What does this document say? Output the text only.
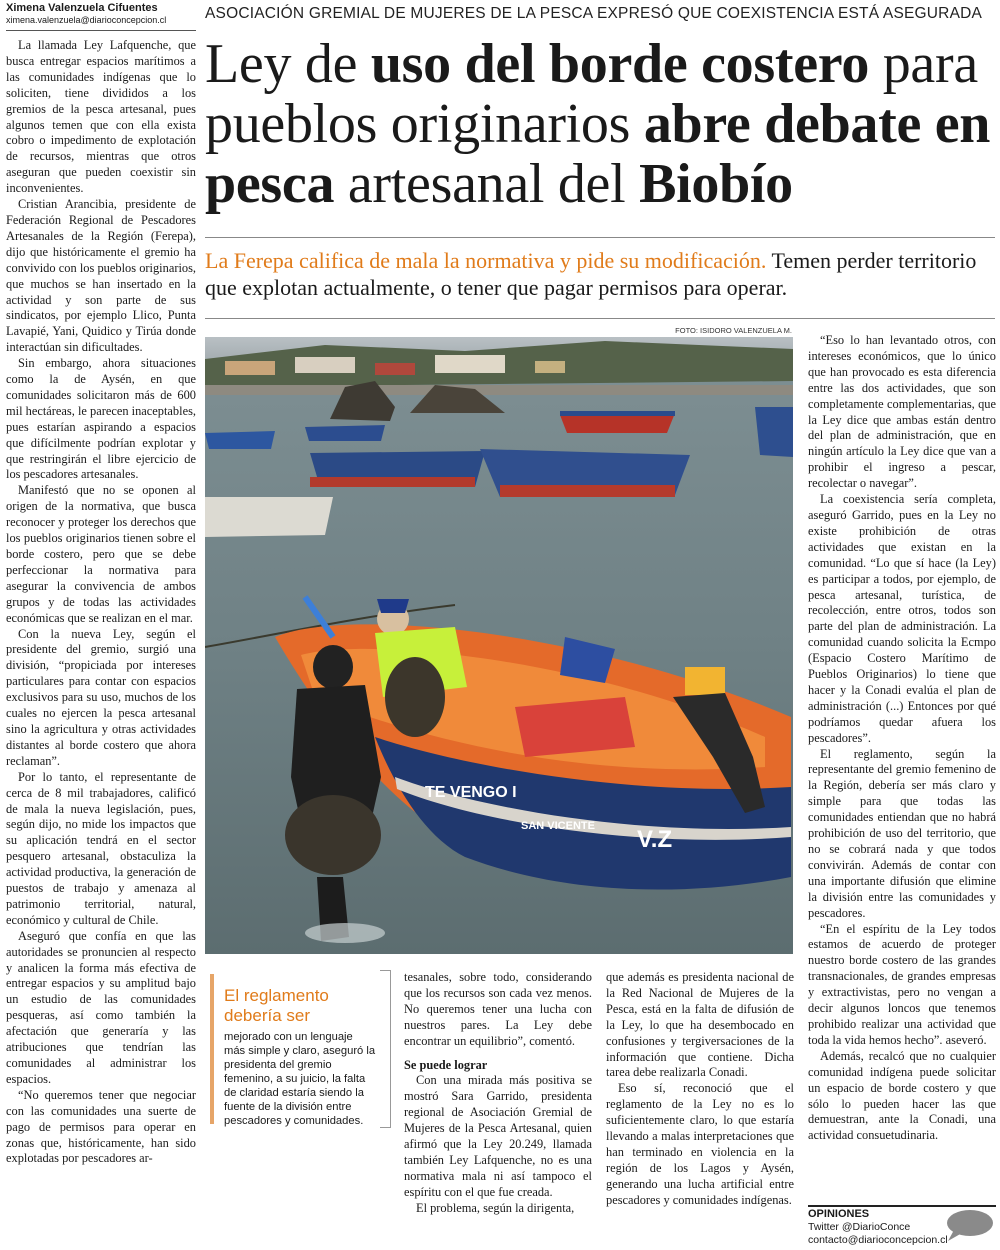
Ximena Valenzuela Cifuentes
ximena.valenzuela@diarioconcepcion.cl	ASOCIACIÓN GREMIAL DE MUJERES DE LA PESCA EXPRESÓ QUE COEXISTENCIA ESTÁ ASEGURADA
Ley de uso del borde costero para pueblos originarios abre debate en pesca artesanal del Biobío
La Ferepa califica de mala la normativa y pide su modificación. Temen perder territorio que explotan actualmente, o tener que pagar permisos para operar.
FOTO: ISIDORO VALENZUELA M.
TE VENGO I
SAN VICENTE V.Z

La llamada Ley Lafquenche, que busca entregar espacios marítimos a las comunidades indígenas que lo soliciten, tiene divididos a los gremios de la pesca artesanal, pues algunos temen que con ella exista cobro o impedimento de explotación de recursos, mientras que otros aseguran que pueden coexistir sin inconvenientes.

Cristian Arancibia, presidente de Federación Regional de Pescadores Artesanales de la Región (Ferepa), dijo que históricamente el gremio ha convivido con los pueblos originarios, que muchos se han insertado en la actividad y son parte de sus sindicatos, por ejemplo Llico, Punta Lavapié, Yani, Quidico y Tirúa donde interactúan sin dificultades.

Sin embargo, ahora situaciones como la de Aysén, en que comunidades solicitaron más de 600 mil hectáreas, le parecen inaceptables, pues estarían aspirando a espacios que difícilmente podrían explotar y que restringirán el libre ejercicio de los pescadores artesanales.

Manifestó que no se oponen al origen de la normativa, que busca reconocer y proteger los derechos que los pueblos originarios tienen sobre el borde costero, pero que se debe perfeccionar la normativa para asegurar la convivencia de ambos grupos y de todas las actividades económicas que se realizan en el mar.

Con la nueva Ley, según el presidente del gremio, surgió una división, “propiciada por intereses particulares para contar con espacios exclusivos para su uso, muchos de los cuales no ejercen la pesca artesanal sino la agricultura y otras actividades distantes al borde costero que ahora reclaman”.

Por lo tanto, el representante de cerca de 8 mil trabajadores, calificó de mala la nueva legislación, pues, según dijo, no mide los impactos que su aplicación tendrá en el sector pesquero artesanal, obstaculiza la actividad productiva, la generación de puestos de trabajo y amenaza al patrimonio territorial, natural, económico y cultural de Chile.

Aseguró que confía en que las autoridades se pronuncien al respecto y analicen la forma más efectiva de entregar espacios y su amplitud bajo un estudio de las comunidades pesqueras, así como también la afectación que generaría y las atribuciones que tendrían las comunidades al administrar los espacios.

“No queremos tener que negociar con las comunidades una suerte de pago de permisos para operar en zonas que, históricamente, han sido explotadas por pescadores ar-

El reglamento debería ser
mejorado con un lenguaje más simple y claro, aseguró la presidenta del gremio femenino, a su juicio, la falta de claridad estaría siendo la fuente de la división entre pescadores y comunidades.

tesanales, sobre todo, considerando que los recursos son cada vez menos. No queremos tener una lucha con nuestros pares. La Ley debe encontrar un equilibrio”, comentó.

Se puede lograr

Con una mirada más positiva se mostró Sara Garrido, presidenta regional de Asociación Gremial de Mujeres de la Pesca Artesanal, quien afirmó que la Ley 20.249, llamada también Ley Lafquenche, no es una normativa mala ni así tampoco el espíritu con el que fue creada.

El problema, según la dirigenta,

que además es presidenta nacional de la Red Nacional de Mujeres de la Pesca, está en la falta de difusión de la Ley, lo que ha desembocado en confusiones y tergiversaciones de la información que contiene. Dicha tarea debe realizarla Conadi.

Eso sí, reconoció que el reglamento de la Ley no es lo suficientemente claro, lo que estaría llevando a malas interpretaciones que han terminado en violencia en la región de los Lagos y Aysén, generando una lucha artificial entre pescadores y comunidades indígenas.

“Eso lo han levantado otros, con intereses económicos, que lo único que han provocado es esta diferencia entre las dos actividades, que son completamente complementarias, que la Ley dice que ambas están dentro del plan de administración, que en ningún artículo la Ley dice que van a prohibir el ingreso a pescar, recolectar o navegar”.

La coexistencia sería completa, aseguró Garrido, pues en la Ley no existe prohibición de otras actividades que existan en la comunidad. “Lo que sí hace (la Ley) es participar a todos, por ejemplo, de pesca artesanal, turística, de recolección, entre otros, todos son parte del plan de administración. La comunidad cuando solicita la Ecmpo (Espacio Costero Marítimo de Pueblos Originarios) lo tiene que hacer y la Conadi evalúa el plan de administración (...) Entonces por qué podríamos quedar afuera los pescadores”.

El reglamento, según la representante del gremio femenino de la Región, debería ser más claro y simple para que todas las comunidades entiendan que no habrá prohibición de uso del territorio, que no se cobrará nada y que todos convivirán. Además de contar con una importante difusión que elimine la división entre las comunidades y pescadores.

“En el espíritu de la Ley todos estamos de acuerdo de proteger nuestro borde costero de las grandes transnacionales, de grandes empresas y extractivistas, pero no vengan a decir algunos loncos que tenemos prohibido realizar una actividad que toda la vida hemos hecho”. aseveró.

Además, recalcó que no cualquier comunidad indígena puede solicitar un espacio de borde costero y que sólo lo pueden hacer las que demuestran, ante la Conadi, una actividad consuetudinaria.

OPINIONES
Twitter @DiarioConce
contacto@diarioconcepcion.cl
